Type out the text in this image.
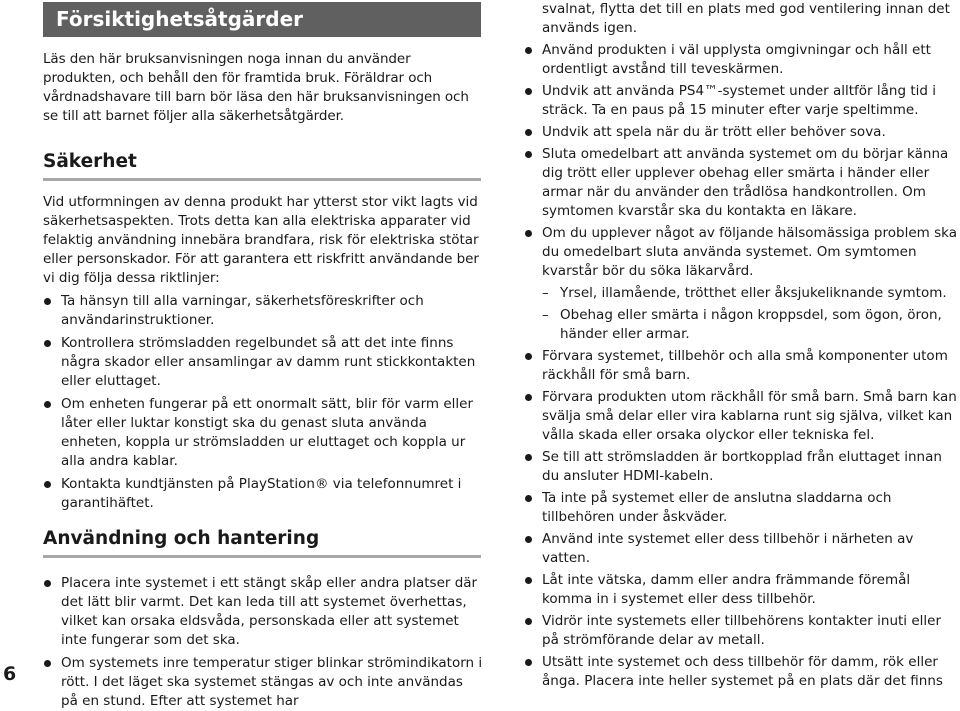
6
Försiktighetsåtgärder

Läs den här bruksanvisningen noga innan du använder produkten, och behåll den för framtida bruk. Föräldrar och vårdnadshavare till barn bör läsa den här bruksanvisningen och se till att barnet följer alla säkerhetsåtgärder.

Säkerhet
Vid utformningen av denna produkt har ytterst stor vikt lagts vid säkerhetsaspekten. Trots detta kan alla elektriska apparater vid felaktig användning innebära brandfara, risk för elektriska stötar eller personskador. För att garantera ett riskfritt användande ber vi dig följa dessa riktlinjer:
Ta hänsyn till alla varningar, säkerhetsföreskrifter och användarinstruktioner.
Kontrollera strömsladden regelbundet så att det inte finns några skador eller ansamlingar av damm runt stickkontakten eller eluttaget.
Om enheten fungerar på ett onormalt sätt, blir för varm eller låter eller luktar konstigt ska du genast sluta använda enheten, koppla ur strömsladden ur eluttaget och koppla ur alla andra kablar.
Kontakta kundtjänsten på PlayStation® via telefonnumret i garantihäftet.
Användning och hantering
Placera inte systemet i ett stängt skåp eller andra platser där det lätt blir varmt. Det kan leda till att systemet överhettas, vilket kan orsaka eldsvåda, personskada eller att systemet inte fungerar som det ska.
Om systemets inre temperatur stiger blinkar strömindikatorn i rött. I det läget ska systemet stängas av och inte användas på en stund. Efter att systemet har
svalnat, flytta det till en plats med god ventilering innan det används igen.
Använd produkten i väl upplysta omgivningar och håll ett ordentligt avstånd till teveskärmen.
Undvik att använda PS4™-systemet under alltför lång tid i sträck. Ta en paus på 15 minuter efter varje speltimme.
Undvik att spela när du är trött eller behöver sova.
Sluta omedelbart att använda systemet om du börjar känna dig trött eller upplever obehag eller smärta i händer eller armar när du använder den trådlösa handkontrollen. Om symtomen kvarstår ska du kontakta en läkare.
Om du upplever något av följande hälsomässiga problem ska du omedelbart sluta använda systemet. Om symtomen kvarstår bör du söka läkarvård.
– Yrsel, illamående, trötthet eller åksjukeliknande symtom.
– Obehag eller smärta i någon kroppsdel, som ögon, öron, händer eller armar.
Förvara systemet, tillbehör och alla små komponenter utom räckhåll för små barn.
Förvara produkten utom räckhåll för små barn. Små barn kan svälja små delar eller vira kablarna runt sig själva, vilket kan vålla skada eller orsaka olyckor eller tekniska fel.
Se till att strömsladden är bortkopplad från eluttaget innan du ansluter HDMI-kabeln.
Ta inte på systemet eller de anslutna sladdarna och tillbehören under åskväder.
Använd inte systemet eller dess tillbehör i närheten av vatten.
Låt inte vätska, damm eller andra främmande föremål komma in i systemet eller dess tillbehör.
Vidrör inte systemets eller tillbehörens kontakter inuti eller på strömförande delar av metall.
Utsätt inte systemet och dess tillbehör för damm, rök eller ånga. Placera inte heller systemet på en plats där det finns
